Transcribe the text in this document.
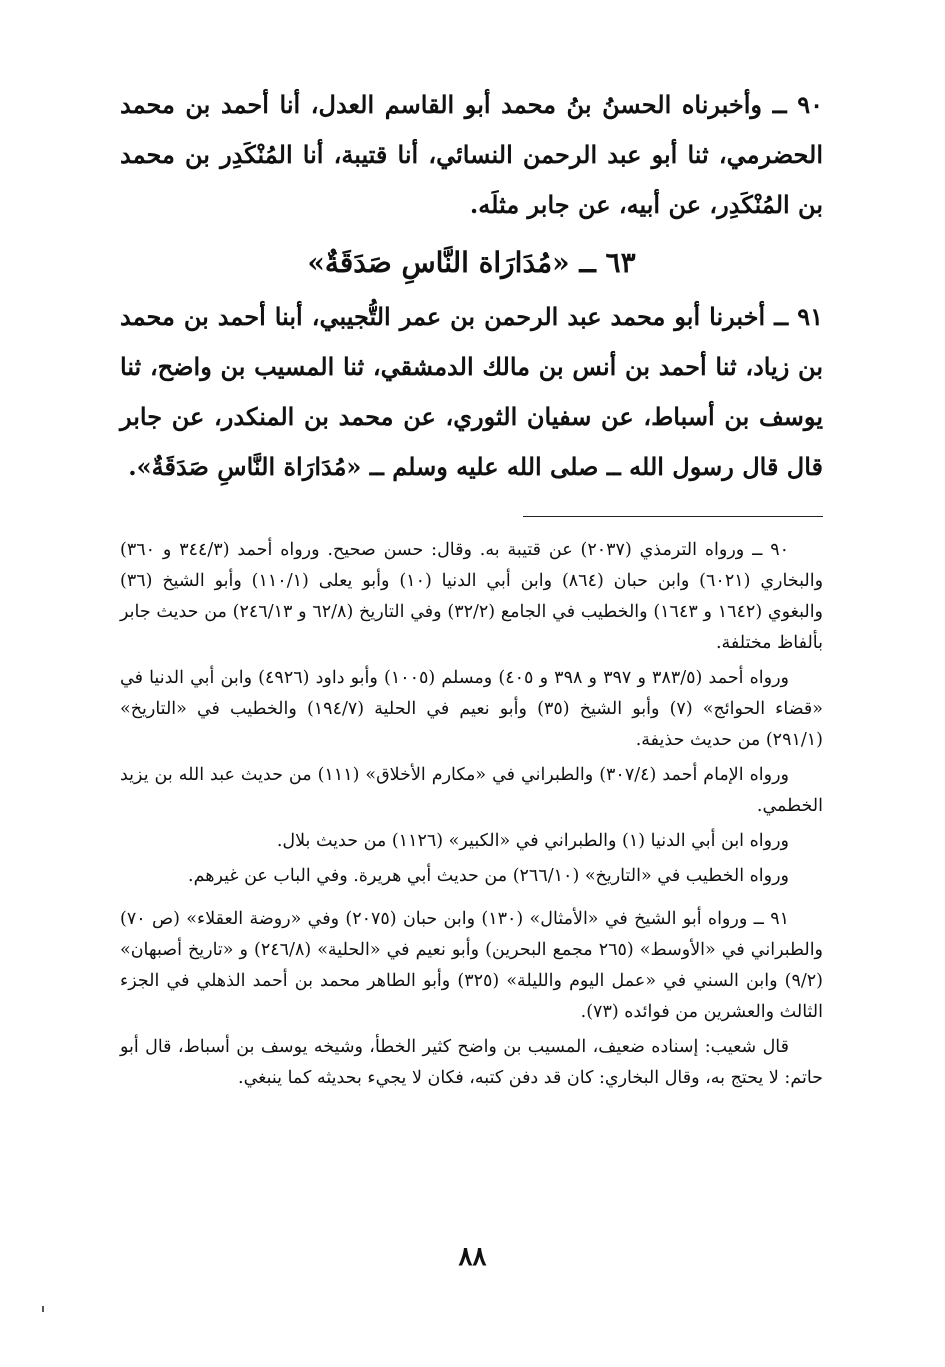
٩٠ ــ وأخبرناه الحسنُ بنُ محمد أبو القاسم العدل، أنا أحمد بن محمد الحضرمي، ثنا أبو عبد الرحمن النسائي، أنا قتيبة، أنا المُنْكَدِر بن محمد بن المُنْكَدِر، عن أبيه، عن جابر مثلَه.

٦٣ ــ «مُدَارَاة النَّاسِ صَدَقَةٌ»

٩١ ــ أخبرنا أبو محمد عبد الرحمن بن عمر التُّجيبي، أبنا أحمد بن محمد بن زياد، ثنا أحمد بن أنس بن مالك الدمشقي، ثنا المسيب بن واضح، ثنا يوسف بن أسباط، عن سفيان الثوري، عن محمد بن المنكدر، عن جابر قال قال رسول الله ــ صلى الله عليه وسلم ــ «مُدَارَاة النَّاسِ صَدَقَةٌ».

٩٠ ــ ورواه الترمذي (٢٠٣٧) عن قتيبة به. وقال: حسن صحيح. ورواه أحمد (٣٤٤/٣ و ٣٦٠) والبخاري (٦٠٢١) وابن حبان (٨٦٤) وابن أبي الدنيا (١٠) وأبو يعلى (١١٠/١) وأبو الشيخ (٣٦) والبغوي (١٦٤٢ و ١٦٤٣) والخطيب في الجامع (٣٢/٢) وفي التاريخ (٦٢/٨ و ٢٤٦/١٣) من حديث جابر بألفاظ مختلفة.

ورواه أحمد (٣٨٣/٥ و ٣٩٧ و ٣٩٨ و ٤٠٥) ومسلم (١٠٠٥) وأبو داود (٤٩٢٦) وابن أبي الدنيا في «قضاء الحوائج» (٧) وأبو الشيخ (٣٥) وأبو نعيم في الحلية (١٩٤/٧) والخطيب في «التاريخ» (٢٩١/١) من حديث حذيفة.

ورواه الإمام أحمد (٣٠٧/٤) والطبراني في «مكارم الأخلاق» (١١١) من حديث عبد الله بن يزيد الخطمي.

ورواه ابن أبي الدنيا (١) والطبراني في «الكبير» (١١٢٦) من حديث بلال.

ورواه الخطيب في «التاريخ» (٢٦٦/١٠) من حديث أبي هريرة. وفي الباب عن غيرهم.

٩١ ــ ورواه أبو الشيخ في «الأمثال» (١٣٠) وابن حبان (٢٠٧٥) وفي «روضة العقلاء» (ص ٧٠) والطبراني في «الأوسط» (٢٦٥ مجمع البحرين) وأبو نعيم في «الحلية» (٢٤٦/٨) و «تاريخ أصبهان» (٩/٢) وابن السني في «عمل اليوم والليلة» (٣٢٥) وأبو الطاهر محمد بن أحمد الذهلي في الجزء الثالث والعشرين من فوائده (٧٣).

قال شعيب: إسناده ضعيف، المسيب بن واضح كثير الخطأ، وشيخه يوسف بن أسباط، قال أبو حاتم: لا يحتج به، وقال البخاري: كان قد دفن كتبه، فكان لا يجيء بحديثه كما ينبغي.

٨٨
